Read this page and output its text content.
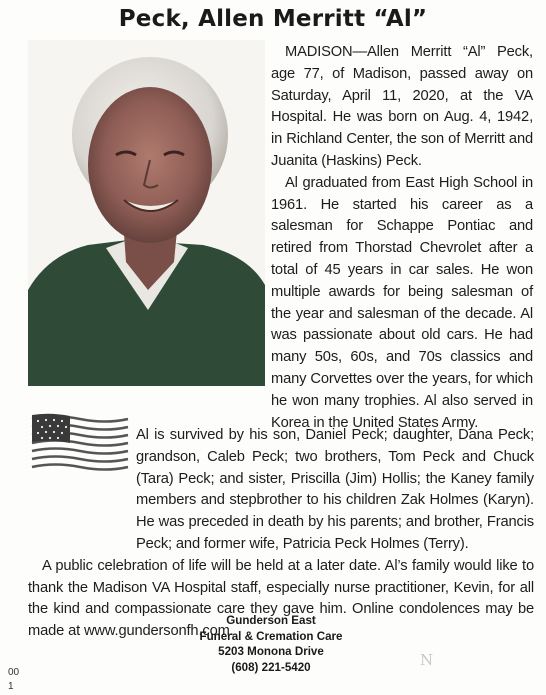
Peck, Allen Merritt “Al”

MADISON—Allen Merritt “Al” Peck, age 77, of Madison, passed away on Saturday, April 11, 2020, at the VA Hospital. He was born on Aug. 4, 1942, in Richland Center, the son of Merritt and Juanita (Haskins) Peck.

Al graduated from East High School in 1961. He started his career as a salesman for Schappe Pontiac and retired from Thorstad Chevrolet after a total of 45 years in car sales. He won multiple awards for being salesman of the year and salesman of the decade. Al was passionate about old cars. He had many 50s, 60s, and 70s classics and many Corvettes over the years, for which he won many trophies. Al also served in Korea in the United States Army.

Al is survived by his son, Daniel Peck; daughter, Dana Peck; grandson, Caleb Peck; two brothers, Tom Peck and Chuck (Tara) Peck; and sister, Priscilla (Jim) Hollis; the Kaney family members and stepbrother to his children Zak Holmes (Karyn). He was preceded in death by his parents; and brother, Francis Peck; and former wife, Patricia Peck Holmes (Terry).

A public celebration of life will be held at a later date. Al’s family would like to thank the Madison VA Hospital staff, especially nurse practitioner, Kevin, for all the kind and compassionate care they gave him. Online condolences may be made at www.gundersonfh.com.

Gunderson East
Funeral & Cremation Care
5203 Monona Drive
(608) 221-5420
00
1
N
